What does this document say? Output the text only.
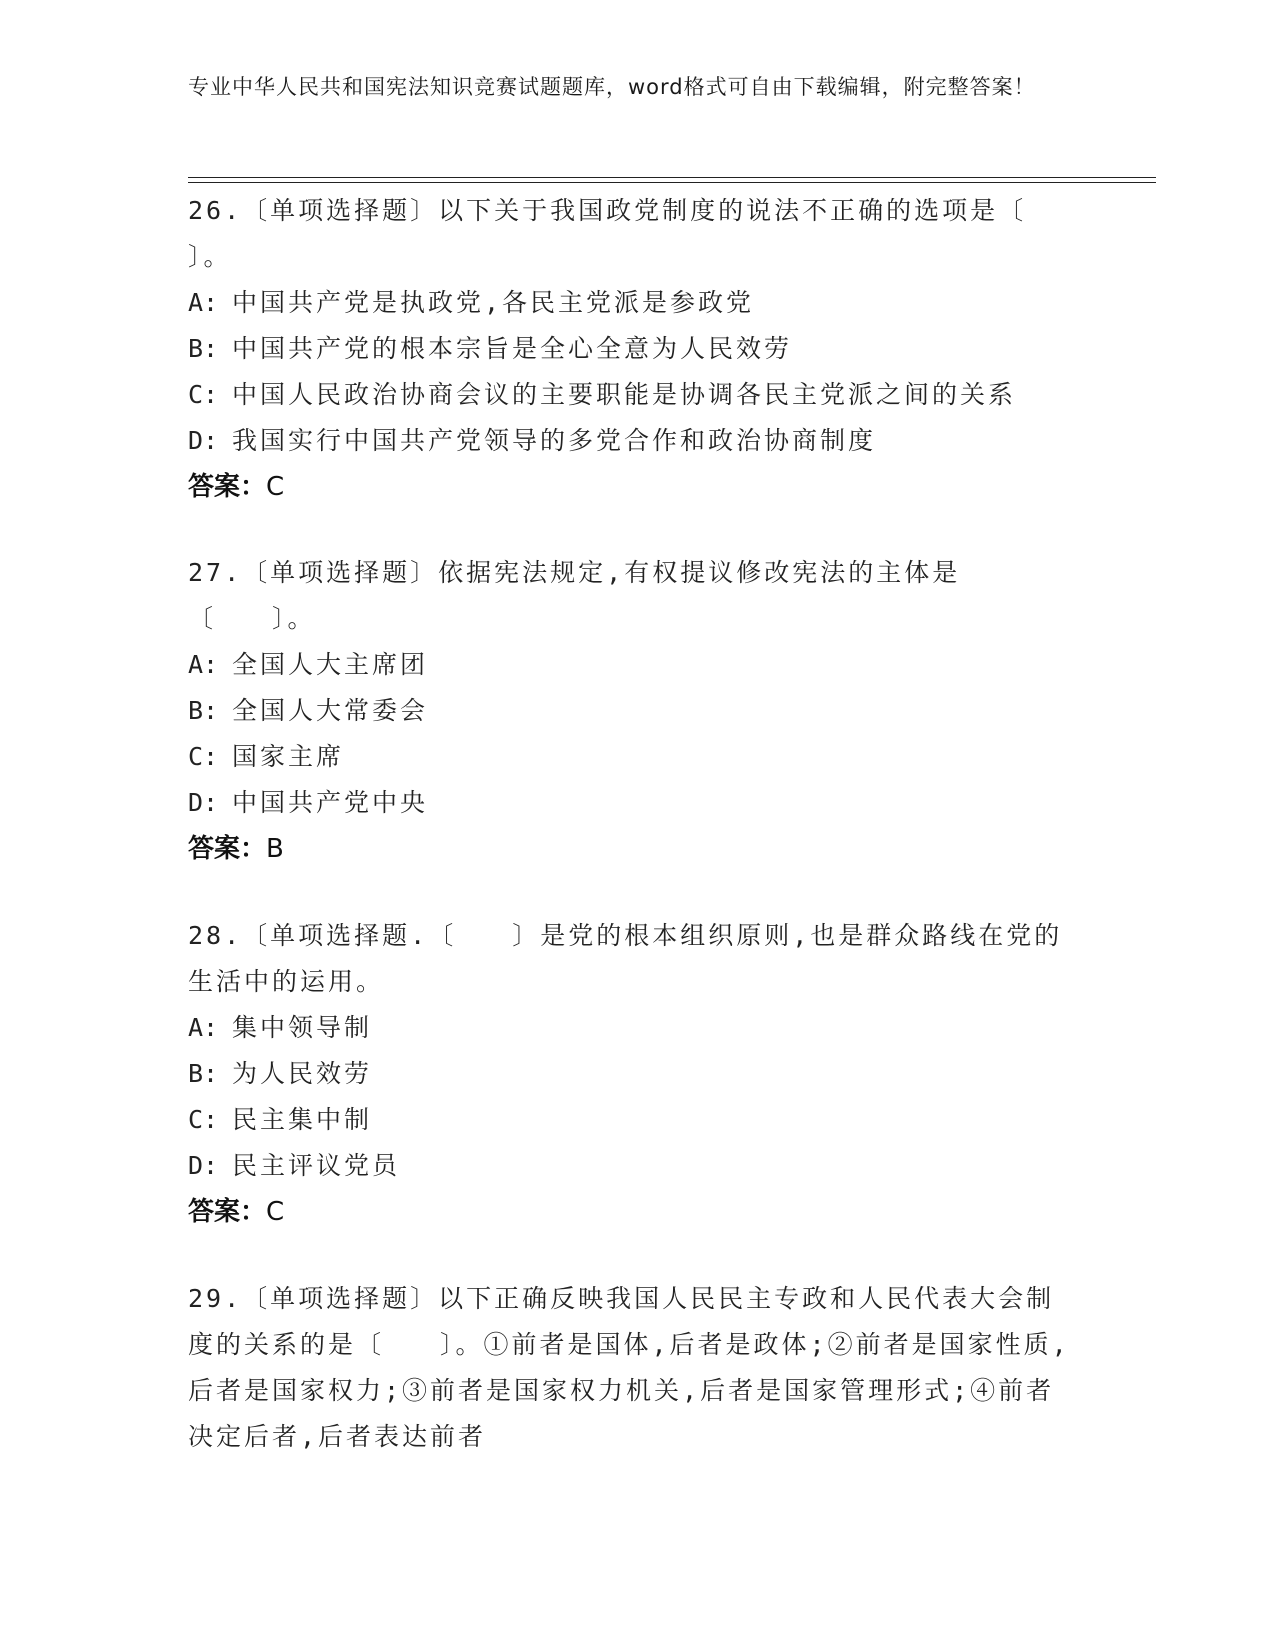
专业中华人民共和国宪法知识竞赛试题题库，word格式可自由下载编辑，附完整答案！

26.〔单项选择题〕以下关于我国政党制度的说法不正确的选项是〔 〕。

A: 中国共产党是执政党,各民主党派是参政党

B: 中国共产党的根本宗旨是全心全意为人民效劳

C: 中国人民政治协商会议的主要职能是协调各民主党派之间的关系

D: 我国实行中国共产党领导的多党合作和政治协商制度

答案：C

27.〔单项选择题〕依据宪法规定,有权提议修改宪法的主体是〔　　〕。

A: 全国人大主席团

B: 全国人大常委会

C: 国家主席

D: 中国共产党中央

答案：B

28.〔单项选择题.〔　　〕是党的根本组织原则,也是群众路线在党的生活中的运用。

A: 集中领导制

B: 为人民效劳

C: 民主集中制

D: 民主评议党员

答案：C

29.〔单项选择题〕以下正确反映我国人民民主专政和人民代表大会制度的关系的是〔　　〕。①前者是国体,后者是政体;②前者是国家性质,后者是国家权力;③前者是国家权力机关,后者是国家管理形式;④前者决定后者,后者表达前者
